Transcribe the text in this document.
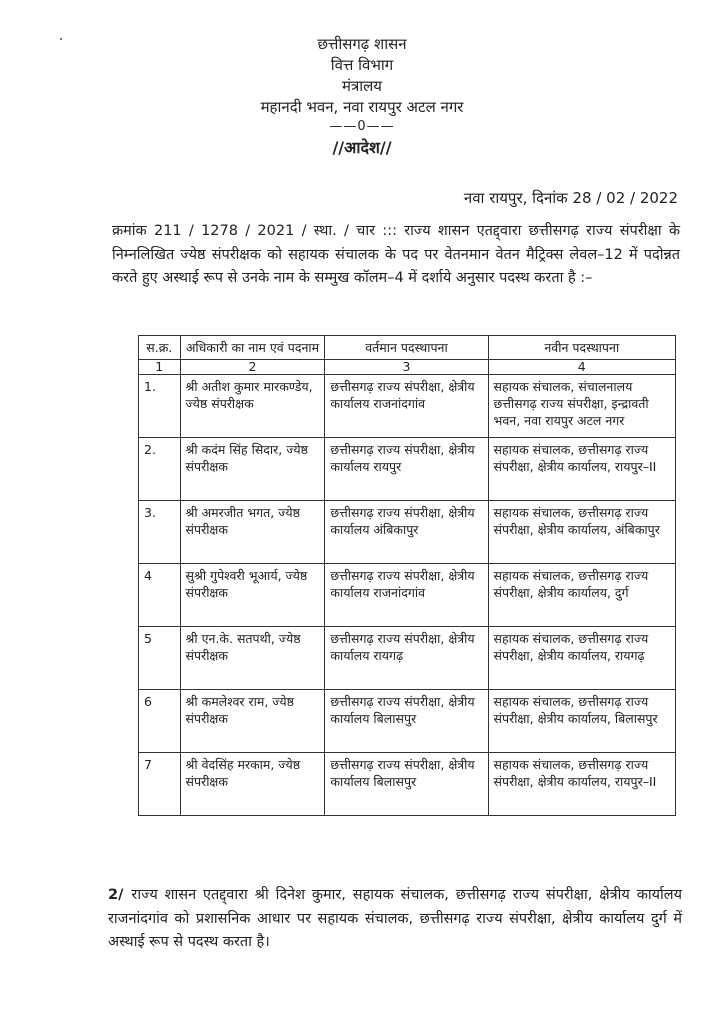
छत्तीसगढ़ शासन
वित्त विभाग
मंत्रालय
महानदी भवन, नवा रायपुर अटल नगर
——0——
//आदेश//
नवा रायपुर, दिनांक 28 / 02 / 2022
क्रमांक 211 / 1278 / 2021 / स्था. / चार ::: राज्य शासन एतद्द्वारा छत्तीसगढ़ राज्य संपरीक्षा के निम्नलिखित ज्येष्ठ संपरीक्षक को सहायक संचालक के पद पर वेतनमान वेतन मैट्रिक्स लेवल–12 में पदोन्नत करते हुए अस्थाई रूप से उनके नाम के सम्मुख कॉलम–4 में दर्शाये अनुसार पदस्थ करता है :–
स.क्र.	अधिकारी का नाम एवं पदनाम	वर्तमान पदस्थापना	नवीन पदस्थापना
1	2	3	4
1.	श्री अतीश कुमार मारकण्डेय, ज्येष्ठ संपरीक्षक	छत्तीसगढ़ राज्य संपरीक्षा, क्षेत्रीय कार्यालय राजनांदगांव	सहायक संचालक, संचालनालय छत्तीसगढ़ राज्य संपरीक्षा, इन्द्रावती भवन, नवा रायपुर अटल नगर
2.	श्री कदंम सिंह सिदार, ज्येष्ठ संपरीक्षक	छत्तीसगढ़ राज्य संपरीक्षा, क्षेत्रीय कार्यालय रायपुर	सहायक संचालक, छत्तीसगढ़ राज्य संपरीक्षा, क्षेत्रीय कार्यालय, रायपुर–II
3.	श्री अमरजीत भगत, ज्येष्ठ संपरीक्षक	छत्तीसगढ़ राज्य संपरीक्षा, क्षेत्रीय कार्यालय अंबिकापुर	सहायक संचालक, छत्तीसगढ़ राज्य संपरीक्षा, क्षेत्रीय कार्यालय, अंबिकापुर
4	सुश्री गुपेश्वरी भूआर्य, ज्येष्ठ संपरीक्षक	छत्तीसगढ़ राज्य संपरीक्षा, क्षेत्रीय कार्यालय राजनांदगांव	सहायक संचालक, छत्तीसगढ़ राज्य संपरीक्षा, क्षेत्रीय कार्यालय, दुर्ग
5	श्री एन.के. सतपथी, ज्येष्ठ संपरीक्षक	छत्तीसगढ़ राज्य संपरीक्षा, क्षेत्रीय कार्यालय रायगढ़	सहायक संचालक, छत्तीसगढ़ राज्य संपरीक्षा, क्षेत्रीय कार्यालय, रायगढ़
6	श्री कमलेश्वर राम, ज्येष्ठ संपरीक्षक	छत्तीसगढ़ राज्य संपरीक्षा, क्षेत्रीय कार्यालय बिलासपुर	सहायक संचालक, छत्तीसगढ़ राज्य संपरीक्षा, क्षेत्रीय कार्यालय, बिलासपुर
7	श्री वेदसिंह मरकाम, ज्येष्ठ संपरीक्षक	छत्तीसगढ़ राज्य संपरीक्षा, क्षेत्रीय कार्यालय बिलासपुर	सहायक संचालक, छत्तीसगढ़ राज्य संपरीक्षा, क्षेत्रीय कार्यालय, रायपुर–II
2/ राज्य शासन एतद्द्वारा श्री दिनेश कुमार, सहायक संचालक, छत्तीसगढ़ राज्य संपरीक्षा, क्षेत्रीय कार्यालय राजनांदगांव को प्रशासनिक आधार पर सहायक संचालक, छत्तीसगढ़ राज्य संपरीक्षा, क्षेत्रीय कार्यालय दुर्ग में अस्थाई रूप से पदस्थ करता है।
